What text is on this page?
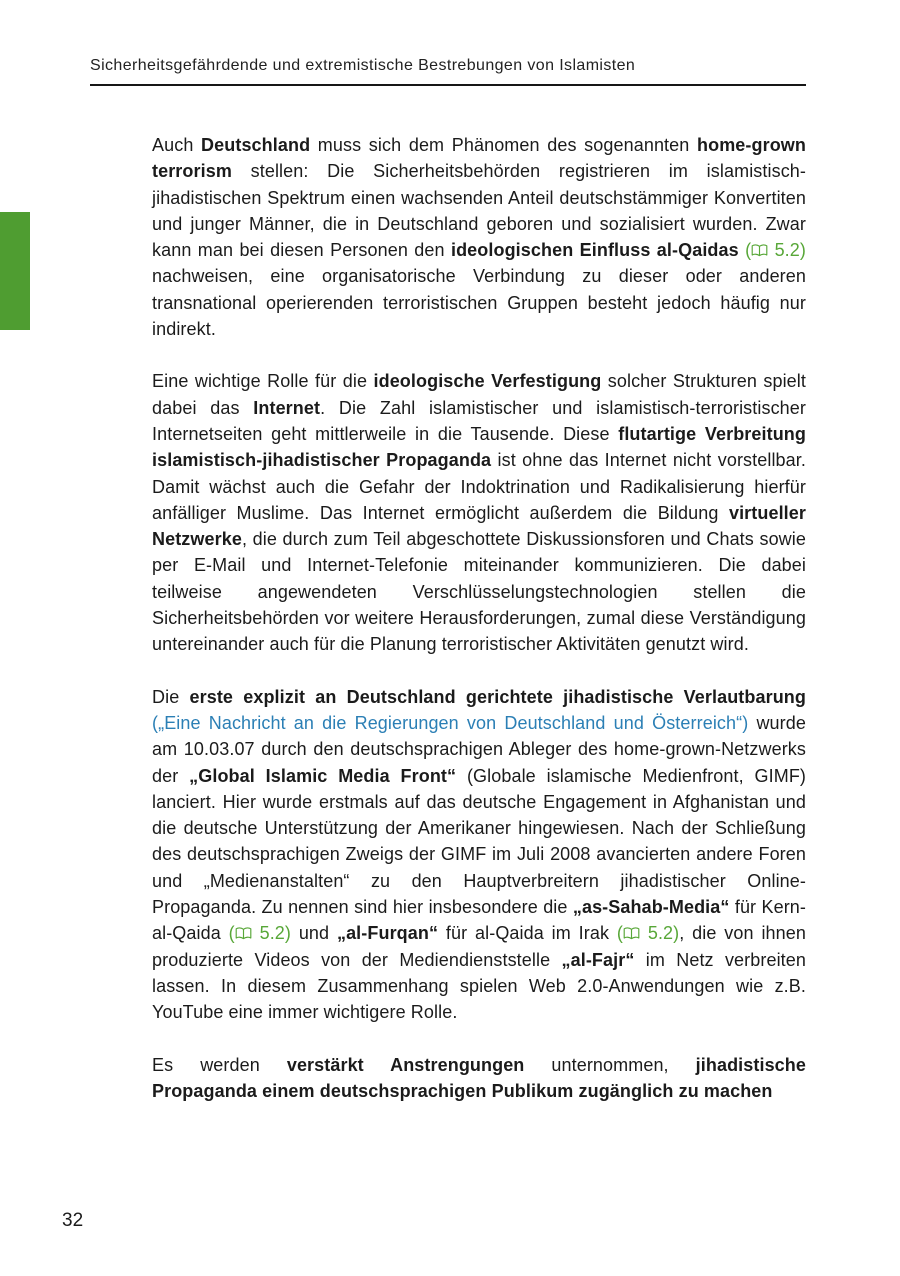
Sicherheitsgefährdende und extremistische Bestrebungen von Islamisten

Auch Deutschland muss sich dem Phänomen des sogenannten home-grown terrorism stellen: Die Sicherheitsbehörden registrieren im islamistisch-jihadistischen Spektrum einen wachsenden Anteil deutschstämmiger Konvertiten und junger Männer, die in Deutschland geboren und sozialisiert wurden. Zwar kann man bei diesen Personen den ideologischen Einfluss al-Qaidas ( 5.2) nachweisen, eine organisatorische Verbindung zu dieser oder anderen transnational operierenden terroristischen Gruppen besteht jedoch häufig nur indirekt.

Eine wichtige Rolle für die ideologische Verfestigung solcher Strukturen spielt dabei das Internet. Die Zahl islamistischer und islamistisch-terroristischer Internetseiten geht mittlerweile in die Tausende. Diese flutartige Verbreitung islamistisch-jihadistischer Propaganda ist ohne das Internet nicht vorstellbar. Damit wächst auch die Gefahr der Indoktrination und Radikalisierung hierfür anfälliger Muslime. Das Internet ermöglicht außerdem die Bildung virtueller Netzwerke, die durch zum Teil abgeschottete Diskussionsforen und Chats sowie per E-Mail und Internet-Telefonie miteinander kommunizieren. Die dabei teilweise angewendeten Verschlüsselungstechnologien stellen die Sicherheitsbehörden vor weitere Herausforderungen, zumal diese Verständigung untereinander auch für die Planung terroristischer Aktivitäten genutzt wird.

Die erste explizit an Deutschland gerichtete jihadistische Verlautbarung („Eine Nachricht an die Regierungen von Deutschland und Österreich“) wurde am 10.03.07 durch den deutschsprachigen Ableger des home-grown-Netzwerks der „Global Islamic Media Front“ (Globale islamische Medienfront, GIMF) lanciert. Hier wurde erstmals auf das deutsche Engagement in Afghanistan und die deutsche Unterstützung der Amerikaner hingewiesen. Nach der Schließung des deutschsprachigen Zweigs der GIMF im Juli 2008 avancierten andere Foren und „Medienanstalten“ zu den Hauptverbreitern jihadistischer Online-Propaganda. Zu nennen sind hier insbesondere die „as-Sahab-Media“ für Kern-al-Qaida ( 5.2) und „al-Furqan“ für al-Qaida im Irak ( 5.2), die von ihnen produzierte Videos von der Mediendienststelle „al-Fajr“ im Netz verbreiten lassen. In diesem Zusammenhang spielen Web 2.0-Anwendungen wie z.B. YouTube eine immer wichtigere Rolle.

Es werden verstärkt Anstrengungen unternommen, jihadistische Propaganda einem deutschsprachigen Publikum zugänglich zu machen

32
